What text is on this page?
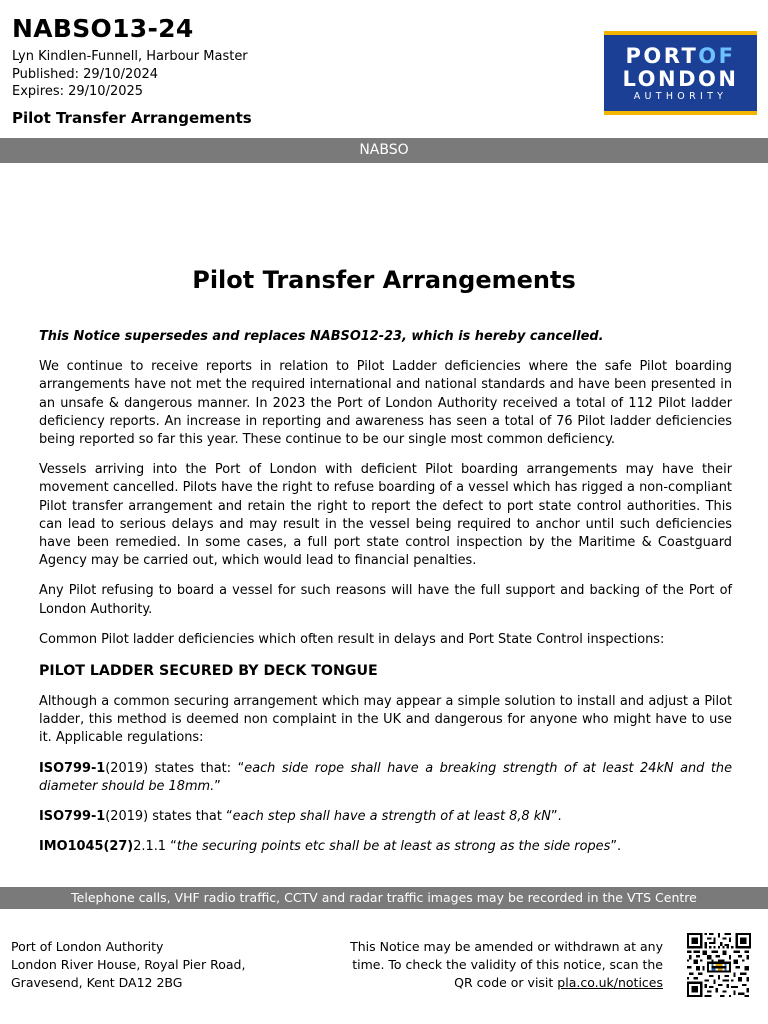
NABSO13-24
Lyn Kindlen-Funnell, Harbour Master
Published: 29/10/2024
Expires: 29/10/2025
Pilot Transfer Arrangements
PORTOF
LONDON
AUTHORITY
NABSO
Pilot Transfer Arrangements

This Notice supersedes and replaces NABSO12-23, which is hereby cancelled.

We continue to receive reports in relation to Pilot Ladder deficiencies where the safe Pilot boarding arrangements have not met the required international and national standards and have been presented in an unsafe & dangerous manner. In 2023 the Port of London Authority received a total of 112 Pilot ladder deficiency reports. An increase in reporting and awareness has seen a total of 76 Pilot ladder deficiencies being reported so far this year. These continue to be our single most common deficiency.

Vessels arriving into the Port of London with deficient Pilot boarding arrangements may have their movement cancelled. Pilots have the right to refuse boarding of a vessel which has rigged a non-compliant Pilot transfer arrangement and retain the right to report the defect to port state control authorities. This can lead to serious delays and may result in the vessel being required to anchor until such deficiencies have been remedied. In some cases, a full port state control inspection by the Maritime & Coastguard Agency may be carried out, which would lead to financial penalties.

Any Pilot refusing to board a vessel for such reasons will have the full support and backing of the Port of London Authority.

Common Pilot ladder deficiencies which often result in delays and Port State Control inspections:

PILOT LADDER SECURED BY DECK TONGUE

Although a common securing arrangement which may appear a simple solution to install and adjust a Pilot ladder, this method is deemed non complaint in the UK and dangerous for anyone who might have to use it. Applicable regulations:

ISO799-1(2019) states that: “each side rope shall have a breaking strength of at least 24kN and the diameter should be 18mm.”

ISO799-1(2019) states that “each step shall have a strength of at least 8,8 kN”.

IMO1045(27)2.1.1 “the securing points etc shall be at least as strong as the side ropes”.

Telephone calls, VHF radio traffic, CCTV and radar traffic images may be recorded in the VTS Centre
Port of London Authority
London River House, Royal Pier Road,
Gravesend, Kent DA12 2BG
This Notice may be amended or withdrawn at any
time. To check the validity of this notice, scan the
QR code or visit pla.co.uk/notices
